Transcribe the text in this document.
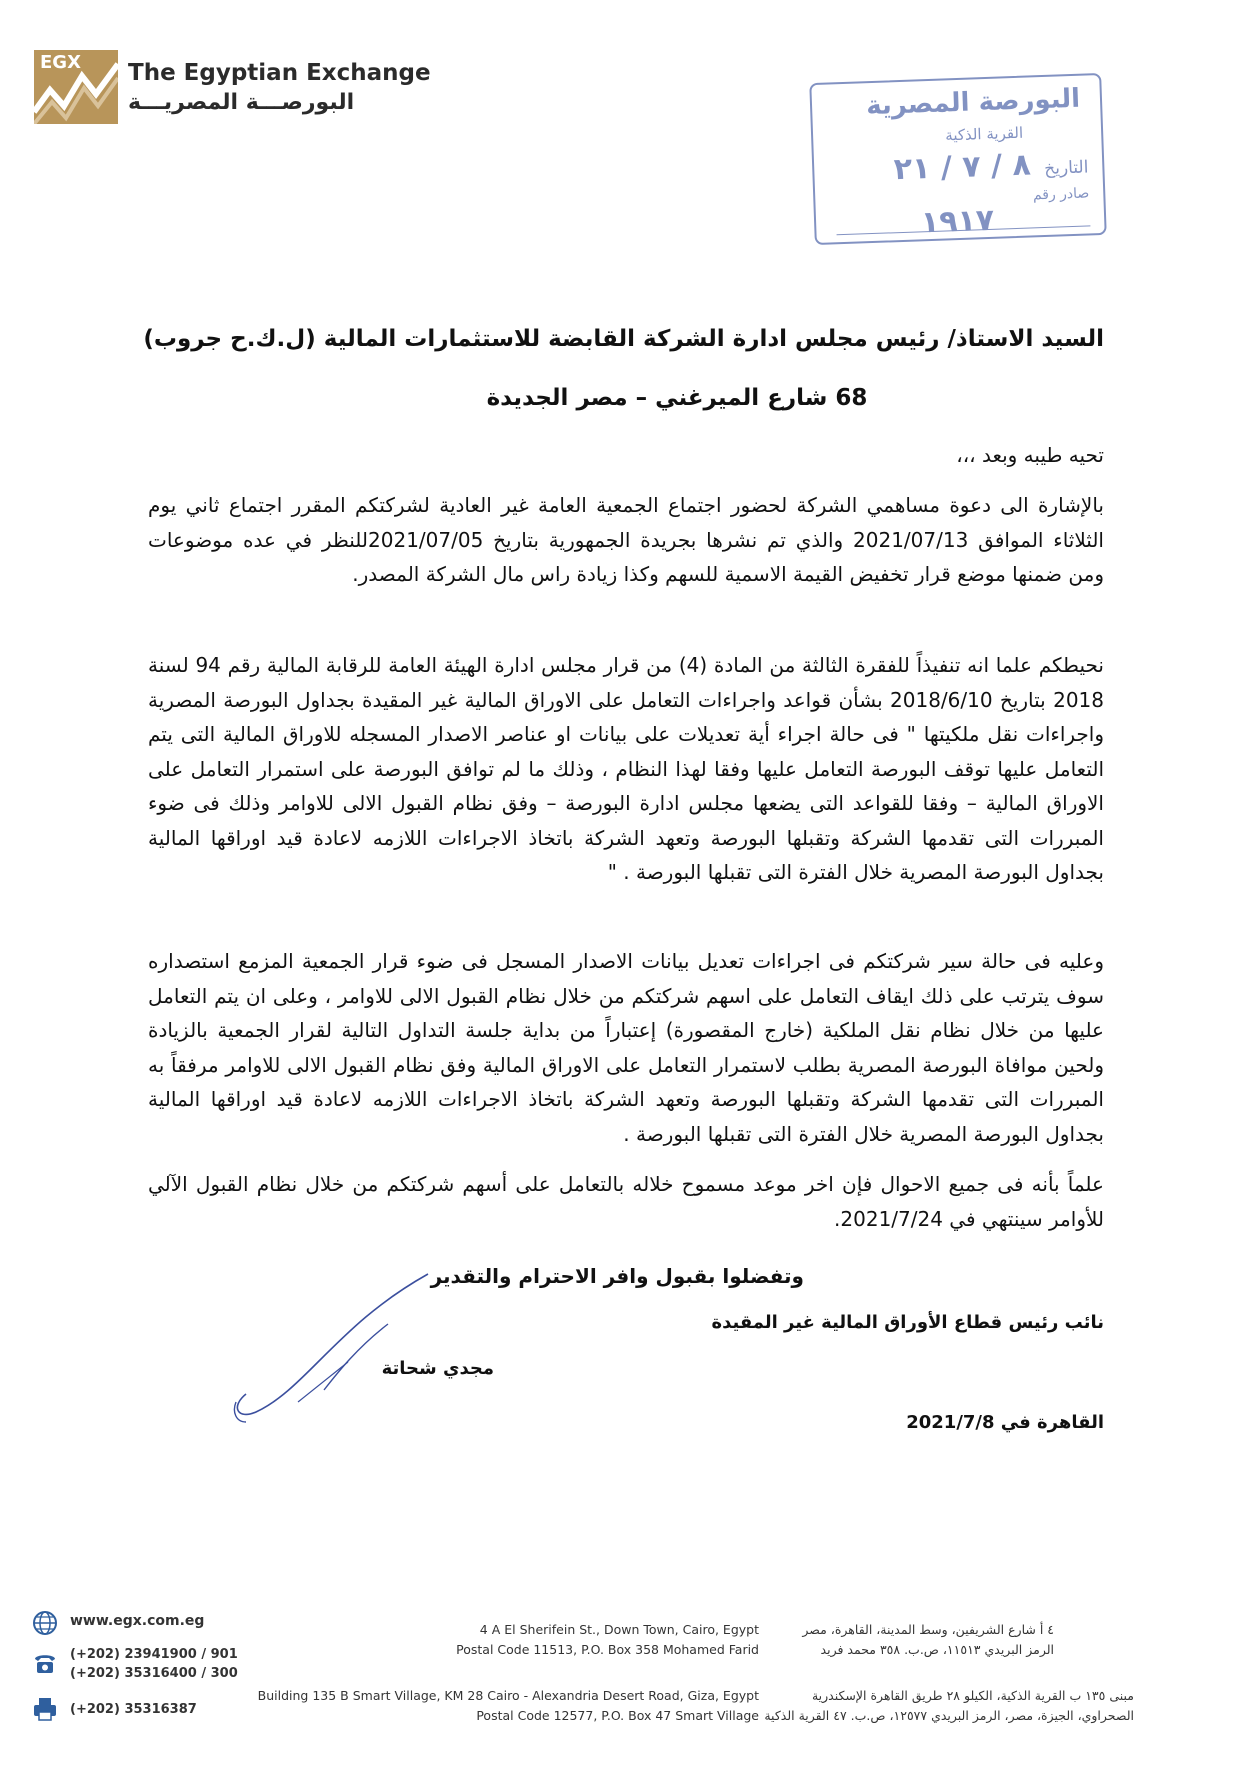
EGX The Egyptian Exchange
البورصـــة المصريـــة	البورصة المصرية
القرية الذكية
التاريخ ٨ / ٧ / ٢١
صادر رقم
١٩١٧
السيد الاستاذ/ رئيس مجلس ادارة الشركة القابضة للاستثمارات المالية (ل.ك.ح جروب)
68 شارع الميرغني – مصر الجديدة
تحيه طيبه وبعد ،،،
بالإشارة الى دعوة مساهمي الشركة لحضور اجتماع الجمعية العامة غير العادية لشركتكم المقرر اجتماع ثاني يوم الثلاثاء الموافق 2021/07/13 والذي تم نشرها بجريدة الجمهورية بتاريخ 2021/07/05للنظر في عده موضوعات ومن ضمنها موضع قرار تخفيض القيمة الاسمية للسهم وكذا زيادة راس مال الشركة المصدر.
نحيطكم علما انه تنفيذاً للفقرة الثالثة من المادة (4) من قرار مجلس ادارة الهيئة العامة للرقابة المالية رقم 94 لسنة 2018 بتاريخ 2018/6/10 بشأن قواعد واجراءات التعامل على الاوراق المالية غير المقيدة بجداول البورصة المصرية واجراءات نقل ملكيتها " فى حالة اجراء أية تعديلات على بيانات او عناصر الاصدار المسجله للاوراق المالية التى يتم التعامل عليها توقف البورصة التعامل عليها وفقا لهذا النظام ، وذلك ما لم توافق البورصة على استمرار التعامل على الاوراق المالية – وفقا للقواعد التى يضعها مجلس ادارة البورصة – وفق نظام القبول الالى للاوامر وذلك فى ضوء المبررات التى تقدمها الشركة وتقبلها البورصة وتعهد الشركة باتخاذ الاجراءات اللازمه لاعادة قيد اوراقها المالية بجداول البورصة المصرية خلال الفترة التى تقبلها البورصة . "
وعليه فى حالة سير شركتكم فى اجراءات تعديل بيانات الاصدار المسجل فى ضوء قرار الجمعية المزمع استصداره سوف يترتب على ذلك ايقاف التعامل على اسهم شركتكم من خلال نظام القبول الالى للاوامر ، وعلى ان يتم التعامل عليها من خلال نظام نقل الملكية (خارج المقصورة) إعتباراً من بداية جلسة التداول التالية لقرار الجمعية بالزيادة ولحين موافاة البورصة المصرية بطلب لاستمرار التعامل على الاوراق المالية وفق نظام القبول الالى للاوامر مرفقاً به المبررات التى تقدمها الشركة وتقبلها البورصة وتعهد الشركة باتخاذ الاجراءات اللازمه لاعادة قيد اوراقها المالية بجداول البورصة المصرية خلال الفترة التى تقبلها البورصة .
علماً بأنه فى جميع الاحوال فإن اخر موعد مسموح خلاله بالتعامل على أسهم شركتكم من خلال نظام القبول الآلي للأوامر سينتهي في 2021/7/24.
وتفضلوا بقبول وافر الاحترام والتقدير
نائب رئيس قطاع الأوراق المالية غير المقيدة
مجدي شحاتة
القاهرة في 2021/7/8
www.egx.com.eg
(+202) 23941900 / 901
(+202) 35316400 / 300
(+202) 35316387
4 A El Sherifein St., Down Town, Cairo, Egypt
Postal Code 11513, P.O. Box 358 Mohamed Farid
٤ أ شارع الشريفين، وسط المدينة، القاهرة، مصر
الرمز البريدي ١١٥١٣، ص.ب. ٣٥٨ محمد فريد
Building 135 B Smart Village, KM 28 Cairo - Alexandria Desert Road, Giza, Egypt
Postal Code 12577, P.O. Box 47 Smart Village
مبنى ١٣٥ ب القرية الذكية، الكيلو ٢٨ طريق القاهرة الإسكندرية
الصحراوي، الجيزة، مصر، الرمز البريدي ١٢٥٧٧، ص.ب. ٤٧ القرية الذكية
